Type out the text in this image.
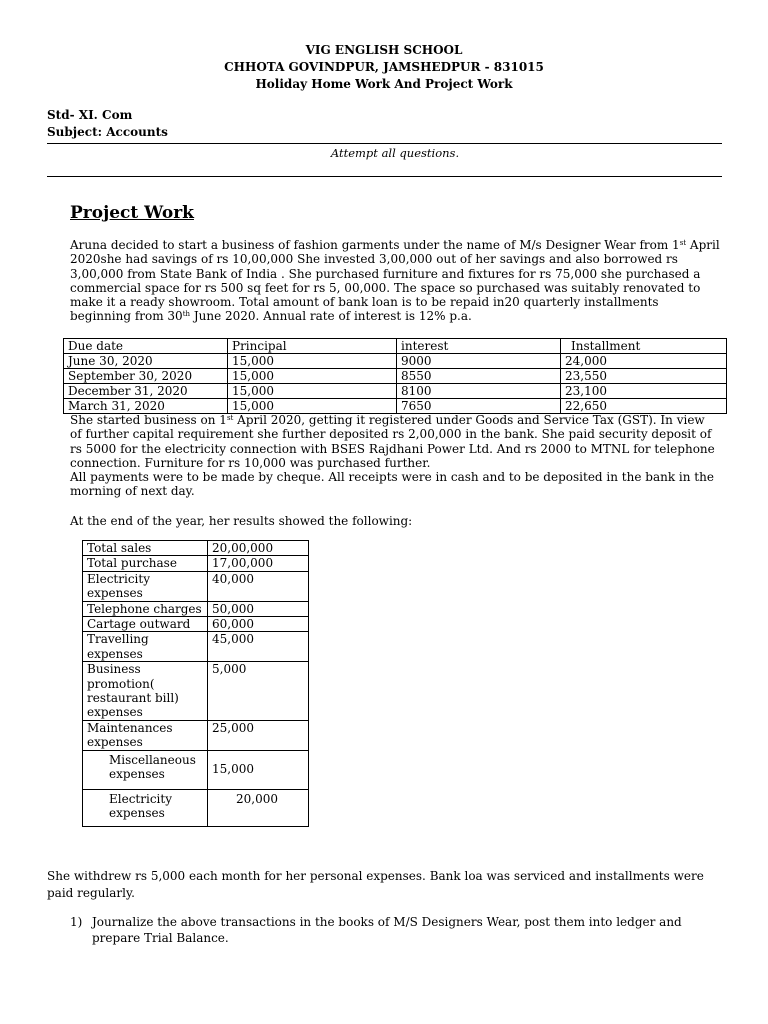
VIG ENGLISH SCHOOL
CHHOTA GOVINDPUR, JAMSHEDPUR - 831015
Holiday Home Work And Project Work
Std- XI. Com
Subject: Accounts
Attempt all questions.
Project Work
Aruna decided to start a business of fashion garments under the name of M/s Designer Wear from 1st April 2020she had savings of rs 10,00,000 She invested 3,00,000 out of her savings and also borrowed rs 3,00,000 from State Bank of India . She purchased furniture and fixtures for rs 75,000 she purchased a commercial space for rs 500 sq feet for rs 5, 00,000. The space so purchased was suitably renovated to make it a ready showroom. Total amount of bank loan is to be repaid in20 quarterly installments beginning from 30th June 2020. Annual rate of interest is 12% p.a.
Due date	Principal	interest	Installment
June 30, 2020	15,000	9000	24,000
September 30, 2020	15,000	8550	23,550
December 31, 2020	15,000	8100	23,100
March 31, 2020	15,000	7650	22,650
She started business on 1st April 2020, getting it registered under Goods and Service Tax (GST). In view of further capital requirement she further deposited rs 2,00,000 in the bank. She paid security deposit of rs 5000 for the electricity connection with BSES Rajdhani Power Ltd. And rs 2000 to MTNL for telephone connection. Furniture for rs 10,000 was purchased further.
All payments were to be made by cheque. All receipts were in cash and to be deposited in the bank in the morning of next day.
At the end of the year, her results showed the following:
Total sales	20,00,000
Total purchase	17,00,000
Electricity expenses	40,000
Telephone charges	50,000
Cartage outward	60,000
Travelling expenses	45,000
Business promotion( restaurant bill) expenses	5,000
Maintenances expenses	25,000
Miscellaneous expenses	15,000
Electricity expenses	20,000
She withdrew rs 5,000 each month for her personal expenses. Bank loa was serviced and installments were paid regularly.
1) Journalize the above transactions in the books of M/S Designers Wear, post them into ledger and prepare Trial Balance.
